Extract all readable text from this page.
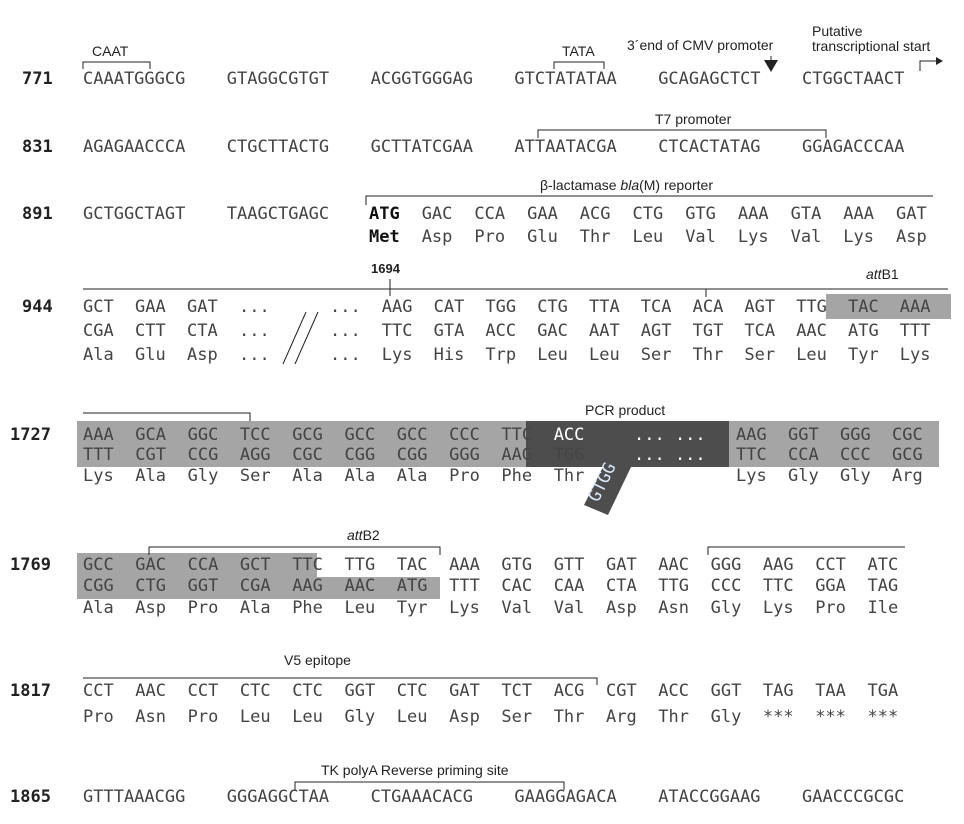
CAAT	TATA 3´end of CMV promoter
Putative
transcriptional start
T7 promoter
β-lactamase bla(M) reporter
1694	attB1
PCR product
attB2
V5 epitope
TK polyA Reverse priming site
771
831
891
944
1727
1769
1817
1865
CAAATGGGCG GTAGGCGTGT ACGGTGGGAG GTCTATATAA GCAGAGCTCT CTGGCTAACT
AGAGAACCCA CTGCTTACTG GCTTATCGAA ATTAATACGA CTCACTATAG GGAGACCCAA
GTTTAAACGG GGGAGGCTAA CTGAAACACG GAAGGAGACA ATACCGGAAG GAACCCGCGC
GCTGGCTAGT TAAGCTGAGC ATG GAC CCA GAA ACG CTG GTG AAA GTA AAA GAT
Met Asp Pro Glu Thr Leu Val Lys Val Lys Asp
GCT GAA GAT ...
CGA CTT CTA ...
Ala Glu Asp ...
... AAG CAT TGG CTG TTA TCA ACA AGT TTG TAC AAA
... TTC GTA ACC GAC AAT AGT TGT TCA AAC ATG TTT
... Lys His Trp Leu Leu Ser Thr Ser Leu Tyr Lys
AAA GCA GGC TCC GCG GCC GCC CCC TTC ACC
TTT CGT CCG AGG CGC CGG CGG GGG AAG TGG
Lys Ala Gly Ser Ala Ala Ala Pro Phe Thr
AAG GGT GGG CGC
TTC CCA CCC GCG
Lys Gly Gly Arg
... ...
... ...
GTGG
GCC GAC CCA GCT TTC TTG TAC AAA GTG GTT GAT AAC GGG AAG CCT ATC
CGG CTG GGT CGA AAG AAC ATG TTT CAC CAA CTA TTG CCC TTC GGA TAG
Ala Asp Pro Ala Phe Leu Tyr Lys Val Val Asp Asn Gly Lys Pro Ile
CCT AAC CCT CTC CTC GGT CTC GAT TCT ACG CGT ACC GGT TAG TAA TGA
Pro Asn Pro Leu Leu Gly Leu Asp Ser Thr Arg Thr Gly *** *** ***
